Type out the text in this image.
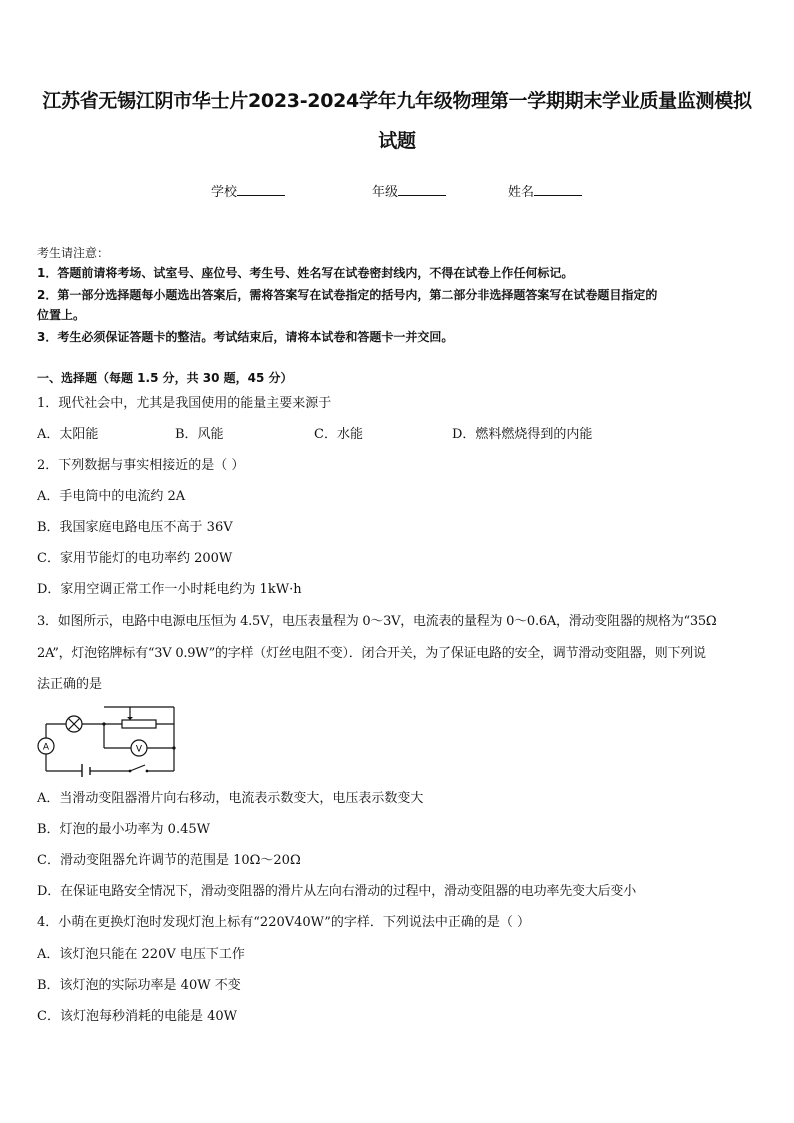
江苏省无锡江阴市华士片2023-2024学年九年级物理第一学期期末学业质量监测模拟
试题
学校	年级	姓名
考生请注意：
1．答题前请将考场、试室号、座位号、考生号、姓名写在试卷密封线内，不得在试卷上作任何标记。
2．第一部分选择题每小题选出答案后，需将答案写在试卷指定的括号内，第二部分非选择题答案写在试卷题目指定的
位置上。
3．考生必须保证答题卡的整洁。考试结束后，请将本试卷和答题卡一并交回。
一、选择题（每题 1.5 分，共 30 题，45 分）
1．现代社会中，尤其是我国使用的能量主要来源于
A．太阳能	B．风能	C．水能	D．燃料燃烧得到的内能
2．下列数据与事实相接近的是（ ）
A．手电筒中的电流约 2A
B．我国家庭电路电压不高于 36V
C．家用节能灯的电功率约 200W
D．家用空调正常工作一小时耗电约为 1kW·h
3．如图所示，电路中电源电压恒为 4.5V，电压表量程为 0～3V，电流表的量程为 0～0.6A，滑动变阻器的规格为“35Ω
2A”，灯泡铭牌标有“3V 0.9W”的字样（灯丝电阻不变）．闭合开关，为了保证电路的安全，调节滑动变阻器，则下列说
法正确的是
A	V
A．当滑动变阻器滑片向右移动，电流表示数变大，电压表示数变大
B．灯泡的最小功率为 0.45W
C．滑动变阻器允许调节的范围是 10Ω～20Ω
D．在保证电路安全情况下，滑动变阻器的滑片从左向右滑动的过程中，滑动变阻器的电功率先变大后变小
4．小萌在更换灯泡时发现灯泡上标有“220V40W”的字样．下列说法中正确的是（ ）
A．该灯泡只能在 220V 电压下工作
B．该灯泡的实际功率是 40W 不变
C．该灯泡每秒消耗的电能是 40W
